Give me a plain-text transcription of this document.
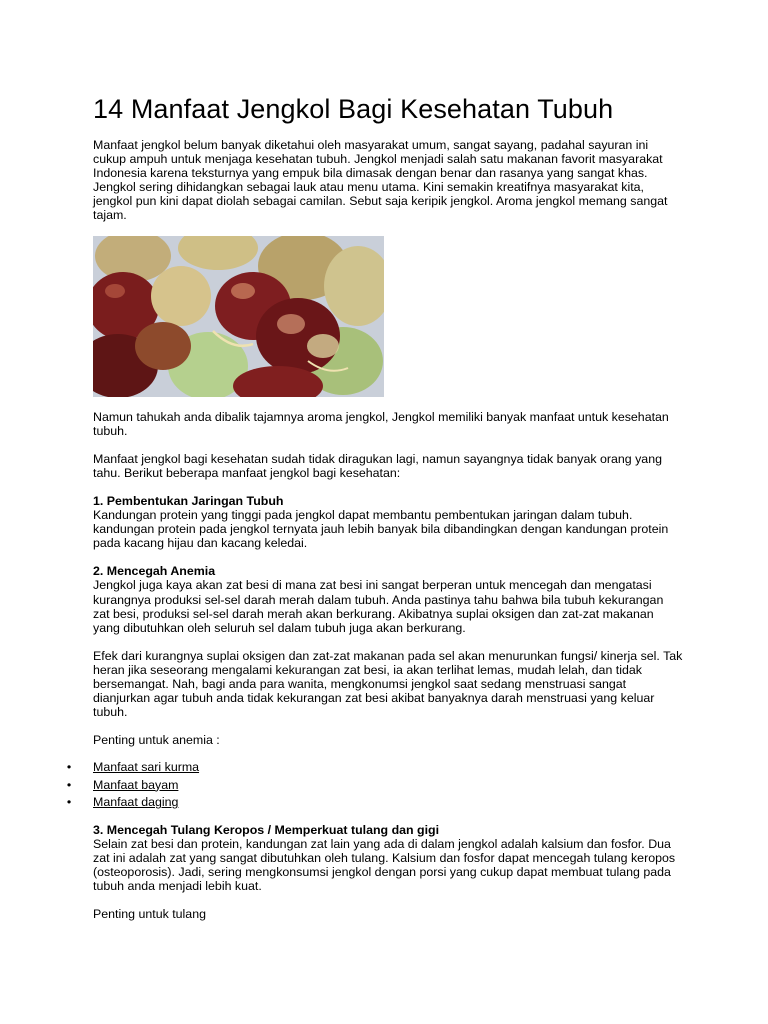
14 Manfaat Jengkol Bagi Kesehatan Tubuh

Manfaat jengkol belum banyak diketahui oleh masyarakat umum, sangat sayang, padahal sayuran ini cukup ampuh untuk menjaga kesehatan tubuh. Jengkol menjadi salah satu makanan favorit masyarakat Indonesia karena teksturnya yang empuk bila dimasak dengan benar dan rasanya yang sangat khas. Jengkol sering dihidangkan sebagai lauk atau menu utama. Kini semakin kreatifnya masyarakat kita, jengkol pun kini dapat diolah sebagai camilan. Sebut saja keripik jengkol. Aroma jengkol memang sangat tajam.

Namun tahukah anda dibalik tajamnya aroma jengkol, Jengkol memiliki banyak manfaat untuk kesehatan tubuh.

Manfaat jengkol bagi kesehatan sudah tidak diragukan lagi, namun sayangnya tidak banyak orang yang tahu. Berikut beberapa manfaat jengkol bagi kesehatan:

1. Pembentukan Jaringan Tubuh

Kandungan protein yang tinggi pada jengkol dapat membantu pembentukan jaringan dalam tubuh. kandungan protein pada jengkol ternyata jauh lebih banyak bila dibandingkan dengan kandungan protein pada kacang hijau dan kacang keledai.

2. Mencegah Anemia

Jengkol juga kaya akan zat besi di mana zat besi ini sangat berperan untuk mencegah dan mengatasi kurangnya produksi sel-sel darah merah dalam tubuh. Anda pastinya tahu bahwa bila tubuh kekurangan zat besi, produksi sel-sel darah merah akan berkurang. Akibatnya suplai oksigen dan zat-zat makanan yang dibutuhkan oleh seluruh sel dalam tubuh juga akan berkurang.

Efek dari kurangnya suplai oksigen dan zat-zat makanan pada sel akan menurunkan fungsi/ kinerja sel. Tak heran jika seseorang mengalami kekurangan zat besi, ia akan terlihat lemas, mudah lelah, dan tidak bersemangat. Nah, bagi anda para wanita, mengkonumsi jengkol saat sedang menstruasi sangat dianjurkan agar tubuh anda tidak kekurangan zat besi akibat banyaknya darah menstruasi yang keluar tubuh.

Penting untuk anemia :

•	Manfaat sari kurma
•	Manfaat bayam
•	Manfaat daging

3. Mencegah Tulang Keropos / Memperkuat tulang dan gigi

Selain zat besi dan protein, kandungan zat lain yang ada di dalam jengkol adalah kalsium dan fosfor. Dua zat ini adalah zat yang sangat dibutuhkan oleh tulang. Kalsium dan fosfor dapat mencegah tulang keropos (osteoporosis). Jadi, sering mengkonsumsi jengkol dengan porsi yang cukup dapat membuat tulang pada tubuh anda menjadi lebih kuat.

Penting untuk tulang
